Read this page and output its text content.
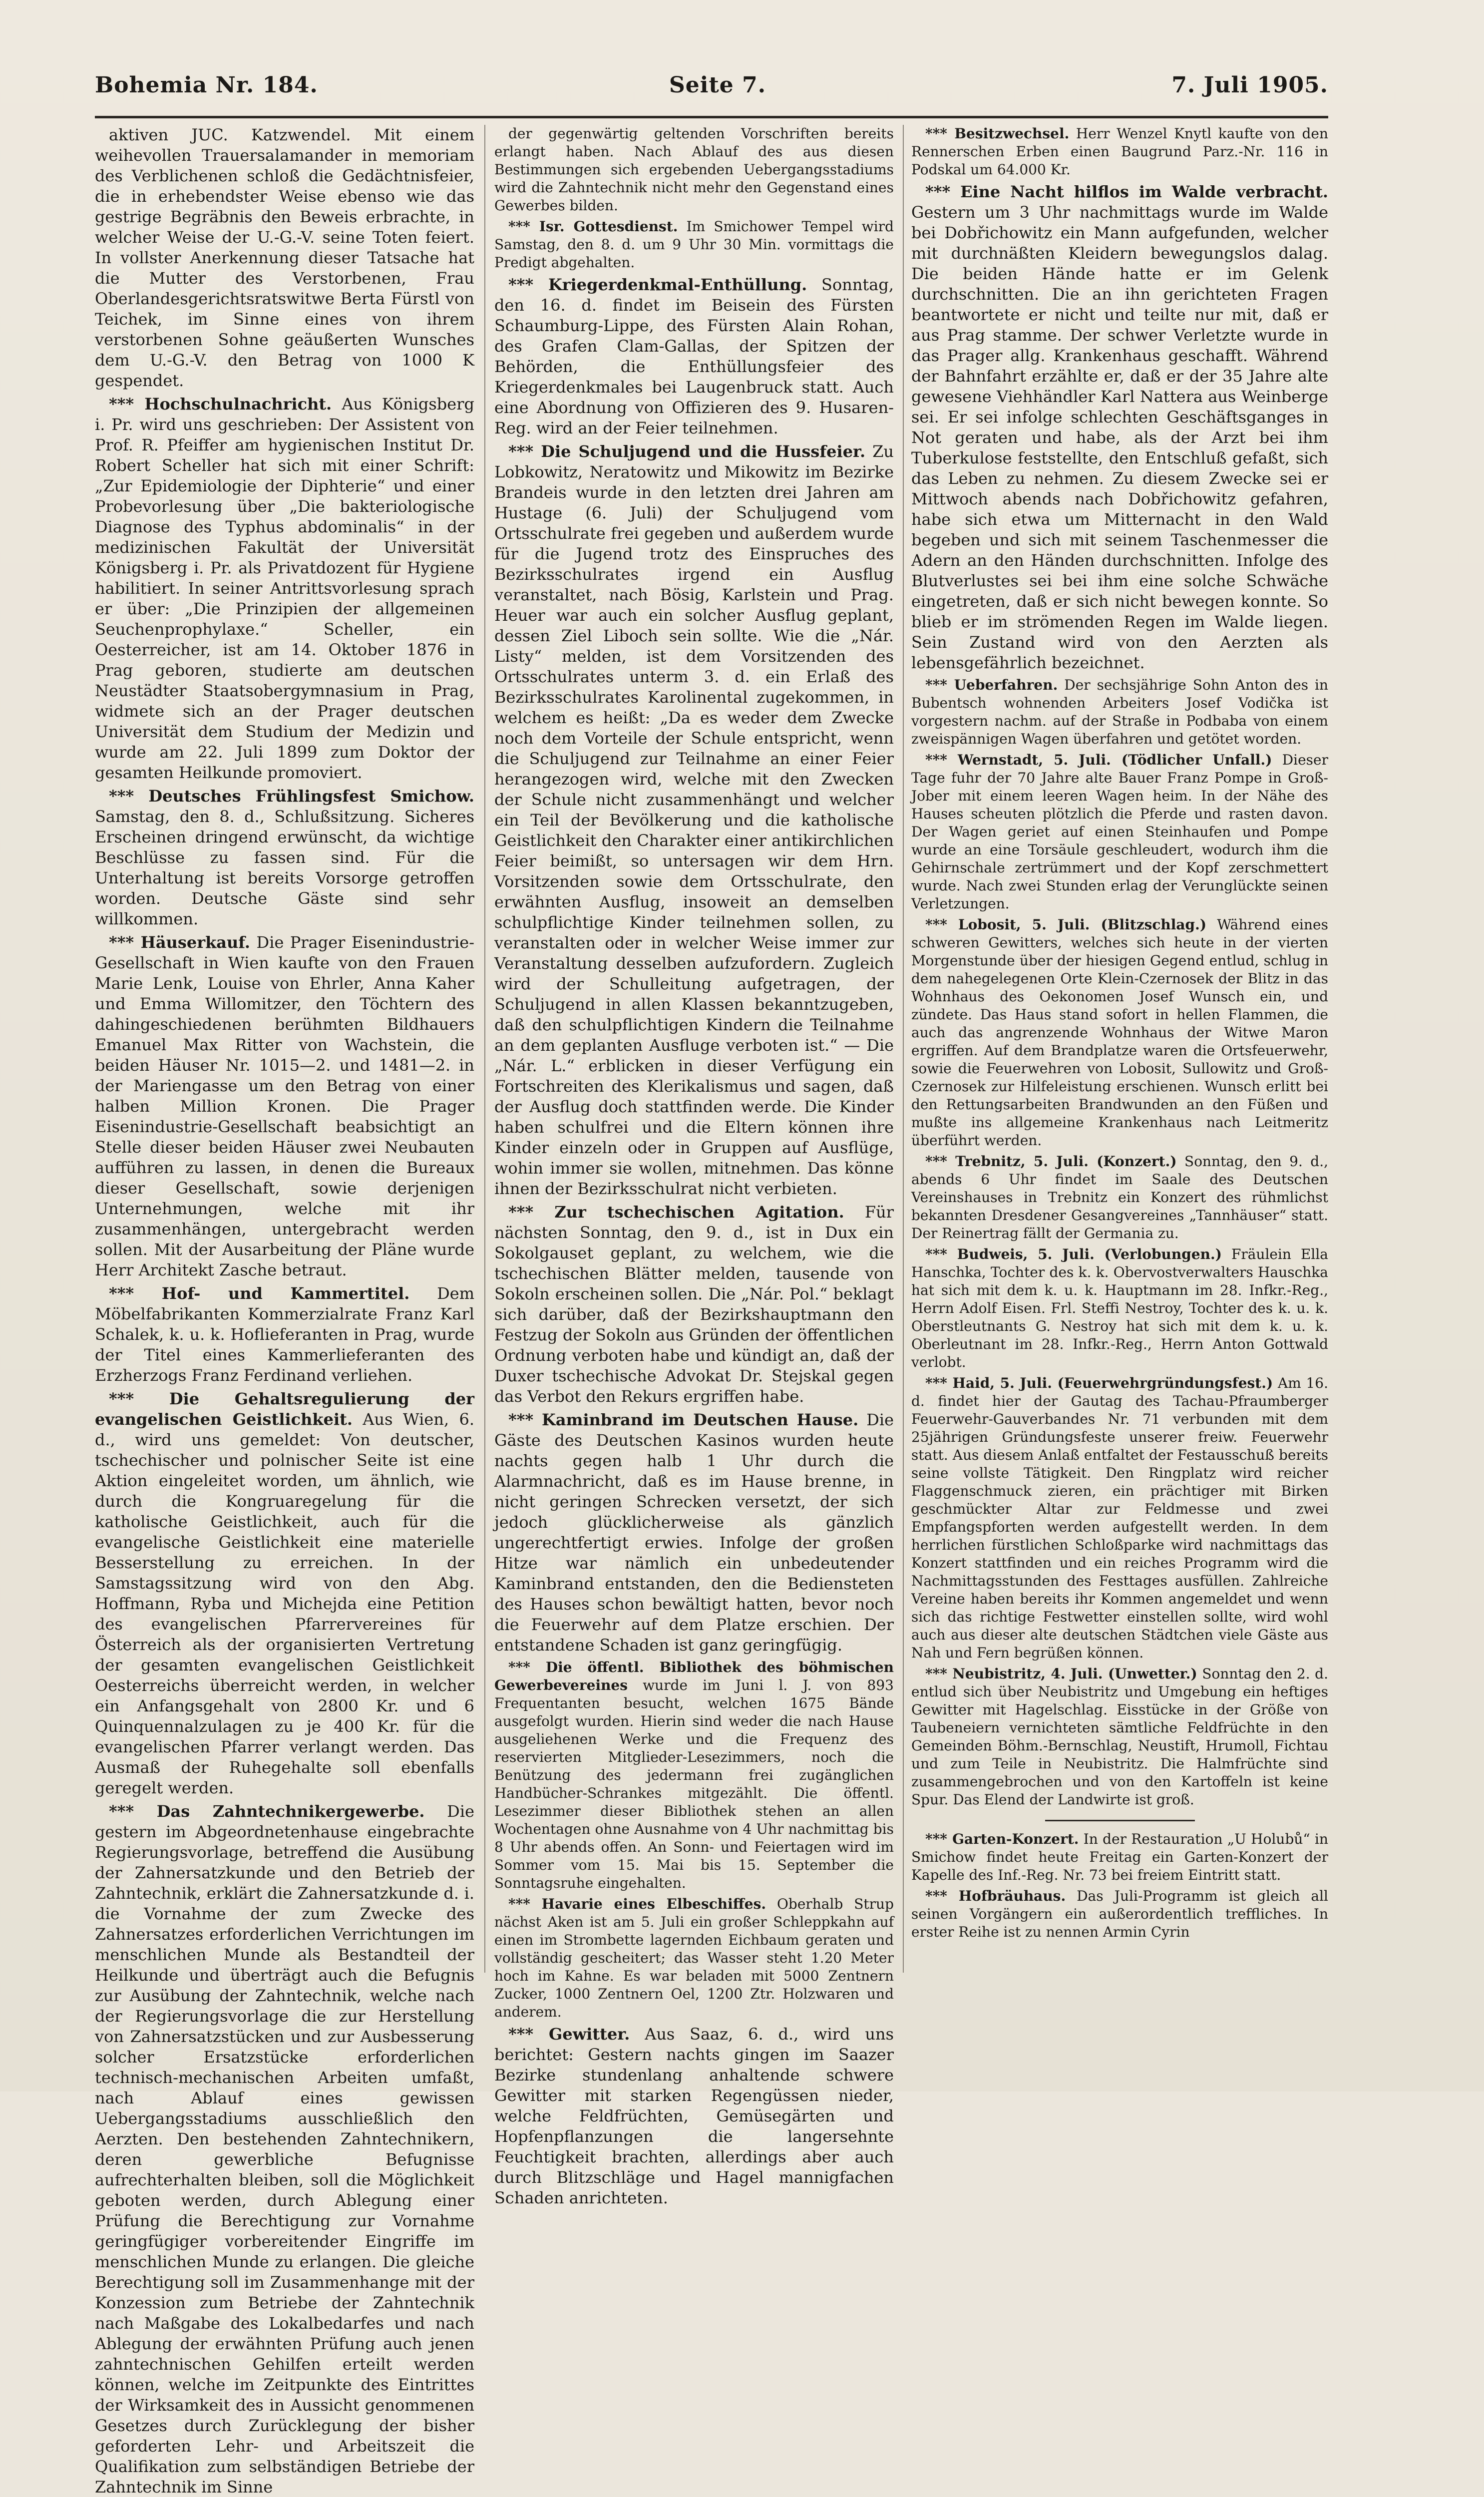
Bohemia Nr. 184.	Seite 7.	7. Juli 1905.

aktiven JUC. Katzwendel. Mit einem weihevollen Trauersalamander in memoriam des Verblichenen schloß die Gedächtnisfeier, die in erhebendster Weise ebenso wie das gestrige Begräbnis den Beweis erbrachte, in welcher Weise der U.-G.-V. seine Toten feiert. In vollster Anerkennung dieser Tatsache hat die Mutter des Verstorbenen, Frau Oberlandesgerichtsratswitwe Berta Fürstl von Teichek, im Sinne eines von ihrem verstorbenen Sohne geäußerten Wunsches dem U.-G.-V. den Betrag von 1000 K gespendet.

*** Hochschulnachricht. Aus Königsberg i. Pr. wird uns geschrieben: Der Assistent von Prof. R. Pfeiffer am hygienischen Institut Dr. Robert Scheller hat sich mit einer Schrift: „Zur Epidemiologie der Diphterie“ und einer Probevorlesung über „Die bakteriologische Diagnose des Typhus abdominalis“ in der medizinischen Fakultät der Universität Königsberg i. Pr. als Privatdozent für Hygiene habilitiert. In seiner Antrittsvorlesung sprach er über: „Die Prinzipien der allgemeinen Seuchenprophylaxe.“ Scheller, ein Oesterreicher, ist am 14. Oktober 1876 in Prag geboren, studierte am deutschen Neustädter Staatsobergymnasium in Prag, widmete sich an der Prager deutschen Universität dem Studium der Medizin und wurde am 22. Juli 1899 zum Doktor der gesamten Heilkunde promoviert.

*** Deutsches Frühlingsfest Smichow. Samstag, den 8. d., Schlußsitzung. Sicheres Erscheinen dringend erwünscht, da wichtige Beschlüsse zu fassen sind. Für die Unterhaltung ist bereits Vorsorge getroffen worden. Deutsche Gäste sind sehr willkommen.

*** Häuserkauf. Die Prager Eisenindustrie-Gesellschaft in Wien kaufte von den Frauen Marie Lenk, Louise von Ehrler, Anna Kaher und Emma Willomitzer, den Töchtern des dahingeschiedenen berühmten Bildhauers Emanuel Max Ritter von Wachstein, die beiden Häuser Nr. 1015—2. und 1481—2. in der Mariengasse um den Betrag von einer halben Million Kronen. Die Prager Eisenindustrie-Gesellschaft beabsichtigt an Stelle dieser beiden Häuser zwei Neubauten aufführen zu lassen, in denen die Bureaux dieser Gesellschaft, sowie derjenigen Unternehmungen, welche mit ihr zusammenhängen, untergebracht werden sollen. Mit der Ausarbeitung der Pläne wurde Herr Architekt Zasche betraut.

*** Hof- und Kammertitel. Dem Möbelfabrikanten Kommerzialrate Franz Karl Schalek, k. u. k. Hoflieferanten in Prag, wurde der Titel eines Kammerlieferanten des Erzherzogs Franz Ferdinand verliehen.

*** Die Gehaltsregulierung der evangelischen Geistlichkeit. Aus Wien, 6. d., wird uns gemeldet: Von deutscher, tschechischer und polnischer Seite ist eine Aktion eingeleitet worden, um ähnlich, wie durch die Kongruaregelung für die katholische Geistlichkeit, auch für die evangelische Geistlichkeit eine materielle Besserstellung zu erreichen. In der Samstagssitzung wird von den Abg. Hoffmann, Ryba und Michejda eine Petition des evangelischen Pfarrervereines für Österreich als der organisierten Vertretung der gesamten evangelischen Geistlichkeit Oesterreichs überreicht werden, in welcher ein Anfangsgehalt von 2800 Kr. und 6 Quinquennalzulagen zu je 400 Kr. für die evangelischen Pfarrer verlangt werden. Das Ausmaß der Ruhegehalte soll ebenfalls geregelt werden.

*** Das Zahntechnikergewerbe. Die gestern im Abgeordnetenhause eingebrachte Regierungsvorlage, betreffend die Ausübung der Zahnersatzkunde und den Betrieb der Zahntechnik, erklärt die Zahnersatzkunde d. i. die Vornahme der zum Zwecke des Zahnersatzes erforderlichen Verrichtungen im menschlichen Munde als Bestandteil der Heilkunde und überträgt auch die Befugnis zur Ausübung der Zahntechnik, welche nach der Regierungsvorlage die zur Herstellung von Zahnersatzstücken und zur Ausbesserung solcher Ersatzstücke erforderlichen technisch-mechanischen Arbeiten umfaßt, nach Ablauf eines gewissen Uebergangsstadiums ausschließlich den Aerzten. Den bestehenden Zahntechnikern, deren gewerbliche Befugnisse aufrechterhalten bleiben, soll die Möglichkeit geboten werden, durch Ablegung einer Prüfung die Berechtigung zur Vornahme geringfügiger vorbereitender Eingriffe im menschlichen Munde zu erlangen. Die gleiche Berechtigung soll im Zusammenhange mit der Konzession zum Betriebe der Zahntechnik nach Maßgabe des Lokalbedarfes und nach Ablegung der erwähnten Prüfung auch jenen zahntechnischen Gehilfen erteilt werden können, welche im Zeitpunkte des Eintrittes der Wirksamkeit des in Aussicht genommenen Gesetzes durch Zurücklegung der bisher geforderten Lehr- und Arbeitszeit die Qualifikation zum selbständigen Betriebe der Zahntechnik im Sinne

der gegenwärtig geltenden Vorschriften bereits erlangt haben. Nach Ablauf des aus diesen Bestimmungen sich ergebenden Uebergangsstadiums wird die Zahntechnik nicht mehr den Gegenstand eines Gewerbes bilden.

*** Isr. Gottesdienst. Im Smichower Tempel wird Samstag, den 8. d. um 9 Uhr 30 Min. vormittags die Predigt abgehalten.

*** Kriegerdenkmal-Enthüllung. Sonntag, den 16. d. findet im Beisein des Fürsten Schaumburg-Lippe, des Fürsten Alain Rohan, des Grafen Clam-Gallas, der Spitzen der Behörden, die Enthüllungsfeier des Kriegerdenkmales bei Laugenbruck statt. Auch eine Abordnung von Offizieren des 9. Husaren-Reg. wird an der Feier teilnehmen.

*** Die Schuljugend und die Hussfeier. Zu Lobkowitz, Neratowitz und Mikowitz im Bezirke Brandeis wurde in den letzten drei Jahren am Hustage (6. Juli) der Schuljugend vom Ortsschulrate frei gegeben und außerdem wurde für die Jugend trotz des Einspruches des Bezirksschulrates irgend ein Ausflug veranstaltet, nach Bösig, Karlstein und Prag. Heuer war auch ein solcher Ausflug geplant, dessen Ziel Liboch sein sollte. Wie die „Nár. Listy“ melden, ist dem Vorsitzenden des Ortsschulrates unterm 3. d. ein Erlaß des Bezirksschulrates Karolinental zugekommen, in welchem es heißt: „Da es weder dem Zwecke noch dem Vorteile der Schule entspricht, wenn die Schuljugend zur Teilnahme an einer Feier herangezogen wird, welche mit den Zwecken der Schule nicht zusammenhängt und welcher ein Teil der Bevölkerung und die katholische Geistlichkeit den Charakter einer antikirchlichen Feier beimißt, so untersagen wir dem Hrn. Vorsitzenden sowie dem Ortsschulrate, den erwähnten Ausflug, insoweit an demselben schulpflichtige Kinder teilnehmen sollen, zu veranstalten oder in welcher Weise immer zur Veranstaltung desselben aufzufordern. Zugleich wird der Schulleitung aufgetragen, der Schuljugend in allen Klassen bekanntzugeben, daß den schulpflichtigen Kindern die Teilnahme an dem geplanten Ausfluge verboten ist.“ — Die „Nár. L.“ erblicken in dieser Verfügung ein Fortschreiten des Klerikalismus und sagen, daß der Ausflug doch stattfinden werde. Die Kinder haben schulfrei und die Eltern können ihre Kinder einzeln oder in Gruppen auf Ausflüge, wohin immer sie wollen, mitnehmen. Das könne ihnen der Bezirksschulrat nicht verbieten.

*** Zur tschechischen Agitation. Für nächsten Sonntag, den 9. d., ist in Dux ein Sokolgauset geplant, zu welchem, wie die tschechischen Blätter melden, tausende von Sokoln erscheinen sollen. Die „Nár. Pol.“ beklagt sich darüber, daß der Bezirkshauptmann den Festzug der Sokoln aus Gründen der öffentlichen Ordnung verboten habe und kündigt an, daß der Duxer tschechische Advokat Dr. Stejskal gegen das Verbot den Rekurs ergriffen habe.

*** Kaminbrand im Deutschen Hause. Die Gäste des Deutschen Kasinos wurden heute nachts gegen halb 1 Uhr durch die Alarmnachricht, daß es im Hause brenne, in nicht geringen Schrecken versetzt, der sich jedoch glücklicherweise als gänzlich ungerechtfertigt erwies. Infolge der großen Hitze war nämlich ein unbedeutender Kaminbrand entstanden, den die Bediensteten des Hauses schon bewältigt hatten, bevor noch die Feuerwehr auf dem Platze erschien. Der entstandene Schaden ist ganz geringfügig.

*** Die öffentl. Bibliothek des böhmischen Gewerbevereines wurde im Juni l. J. von 893 Frequentanten besucht, welchen 1675 Bände ausgefolgt wurden. Hierin sind weder die nach Hause ausgeliehenen Werke und die Frequenz des reservierten Mitglieder-Lesezimmers, noch die Benützung des jedermann frei zugänglichen Handbücher-Schrankes mitgezählt. Die öffentl. Lesezimmer dieser Bibliothek stehen an allen Wochentagen ohne Ausnahme von 4 Uhr nachmittag bis 8 Uhr abends offen. An Sonn- und Feiertagen wird im Sommer vom 15. Mai bis 15. September die Sonntagsruhe eingehalten.

*** Havarie eines Elbeschiffes. Oberhalb Strup nächst Aken ist am 5. Juli ein großer Schleppkahn auf einen im Strombette lagernden Eichbaum geraten und vollständig gescheitert; das Wasser steht 1.20 Meter hoch im Kahne. Es war beladen mit 5000 Zentnern Zucker, 1000 Zentnern Oel, 1200 Ztr. Holzwaren und anderem.

*** Gewitter. Aus Saaz, 6. d., wird uns berichtet: Gestern nachts gingen im Saazer Bezirke stundenlang anhaltende schwere Gewitter mit starken Regengüssen nieder, welche Feldfrüchten, Gemüsegärten und Hopfenpflanzungen die langersehnte Feuchtigkeit brachten, allerdings aber auch durch Blitzschläge und Hagel mannigfachen Schaden anrichteten.

*** Besitzwechsel. Herr Wenzel Knytl kaufte von den Rennerschen Erben einen Baugrund Parz.-Nr. 116 in Podskal um 64.000 Kr.

*** Eine Nacht hilflos im Walde verbracht. Gestern um 3 Uhr nachmittags wurde im Walde bei Dobřichowitz ein Mann aufgefunden, welcher mit durchnäßten Kleidern bewegungslos dalag. Die beiden Hände hatte er im Gelenk durchschnitten. Die an ihn gerichteten Fragen beantwortete er nicht und teilte nur mit, daß er aus Prag stamme. Der schwer Verletzte wurde in das Prager allg. Krankenhaus geschafft. Während der Bahnfahrt erzählte er, daß er der 35 Jahre alte gewesene Viehhändler Karl Nattera aus Weinberge sei. Er sei infolge schlechten Geschäftsganges in Not geraten und habe, als der Arzt bei ihm Tuberkulose feststellte, den Entschluß gefaßt, sich das Leben zu nehmen. Zu diesem Zwecke sei er Mittwoch abends nach Dobřichowitz gefahren, habe sich etwa um Mitternacht in den Wald begeben und sich mit seinem Taschenmesser die Adern an den Händen durchschnitten. Infolge des Blutverlustes sei bei ihm eine solche Schwäche eingetreten, daß er sich nicht bewegen konnte. So blieb er im strömenden Regen im Walde liegen. Sein Zustand wird von den Aerzten als lebensgefährlich bezeichnet.

*** Ueberfahren. Der sechsjährige Sohn Anton des in Bubentsch wohnenden Arbeiters Josef Vodička ist vorgestern nachm. auf der Straße in Podbaba von einem zweispännigen Wagen überfahren und getötet worden.

*** Wernstadt, 5. Juli. (Tödlicher Unfall.) Dieser Tage fuhr der 70 Jahre alte Bauer Franz Pompe in Groß-Jober mit einem leeren Wagen heim. In der Nähe des Hauses scheuten plötzlich die Pferde und rasten davon. Der Wagen geriet auf einen Steinhaufen und Pompe wurde an eine Torsäule geschleudert, wodurch ihm die Gehirnschale zertrümmert und der Kopf zerschmettert wurde. Nach zwei Stunden erlag der Verunglückte seinen Verletzungen.

*** Lobosit, 5. Juli. (Blitzschlag.) Während eines schweren Gewitters, welches sich heute in der vierten Morgenstunde über der hiesigen Gegend entlud, schlug in dem nahegelegenen Orte Klein-Czernosek der Blitz in das Wohnhaus des Oekonomen Josef Wunsch ein, und zündete. Das Haus stand sofort in hellen Flammen, die auch das angrenzende Wohnhaus der Witwe Maron ergriffen. Auf dem Brandplatze waren die Ortsfeuerwehr, sowie die Feuerwehren von Lobosit, Sullowitz und Groß-Czernosek zur Hilfeleistung erschienen. Wunsch erlitt bei den Rettungsarbeiten Brandwunden an den Füßen und mußte ins allgemeine Krankenhaus nach Leitmeritz überführt werden.

*** Trebnitz, 5. Juli. (Konzert.) Sonntag, den 9. d., abends 6 Uhr findet im Saale des Deutschen Vereinshauses in Trebnitz ein Konzert des rühmlichst bekannten Dresdener Gesangvereines „Tannhäuser“ statt. Der Reinertrag fällt der Germania zu.

*** Budweis, 5. Juli. (Verlobungen.) Fräulein Ella Hanschka, Tochter des k. k. Obervostverwalters Hauschka hat sich mit dem k. u. k. Hauptmann im 28. Infkr.-Reg., Herrn Adolf Eisen. Frl. Steffi Nestroy, Tochter des k. u. k. Oberstleutnants G. Nestroy hat sich mit dem k. u. k. Oberleutnant im 28. Infkr.-Reg., Herrn Anton Gottwald verlobt.

*** Haid, 5. Juli. (Feuerwehrgründungsfest.) Am 16. d. findet hier der Gautag des Tachau-Pfraumberger Feuerwehr-Gauverbandes Nr. 71 verbunden mit dem 25jährigen Gründungsfeste unserer freiw. Feuerwehr statt. Aus diesem Anlaß entfaltet der Festausschuß bereits seine vollste Tätigkeit. Den Ringplatz wird reicher Flaggenschmuck zieren, ein prächtiger mit Birken geschmückter Altar zur Feldmesse und zwei Empfangspforten werden aufgestellt werden. In dem herrlichen fürstlichen Schloßparke wird nachmittags das Konzert stattfinden und ein reiches Programm wird die Nachmittagsstunden des Festtages ausfüllen. Zahlreiche Vereine haben bereits ihr Kommen angemeldet und wenn sich das richtige Festwetter einstellen sollte, wird wohl auch aus dieser alte deutschen Städtchen viele Gäste aus Nah und Fern begrüßen können.

*** Neubistritz, 4. Juli. (Unwetter.) Sonntag den 2. d. entlud sich über Neubistritz und Umgebung ein heftiges Gewitter mit Hagelschlag. Eisstücke in der Größe von Taubeneiern vernichteten sämtliche Feldfrüchte in den Gemeinden Böhm.-Bernschlag, Neustift, Hrumoll, Fichtau und zum Teile in Neubistritz. Die Halmfrüchte sind zusammengebrochen und von den Kartoffeln ist keine Spur. Das Elend der Landwirte ist groß.

*** Garten-Konzert. In der Restauration „U Holubů“ in Smichow findet heute Freitag ein Garten-Konzert der Kapelle des Inf.-Reg. Nr. 73 bei freiem Eintritt statt.

*** Hofbräuhaus. Das Juli-Programm ist gleich all seinen Vorgängern ein außerordentlich treffliches. In erster Reihe ist zu nennen Armin Cyrin
